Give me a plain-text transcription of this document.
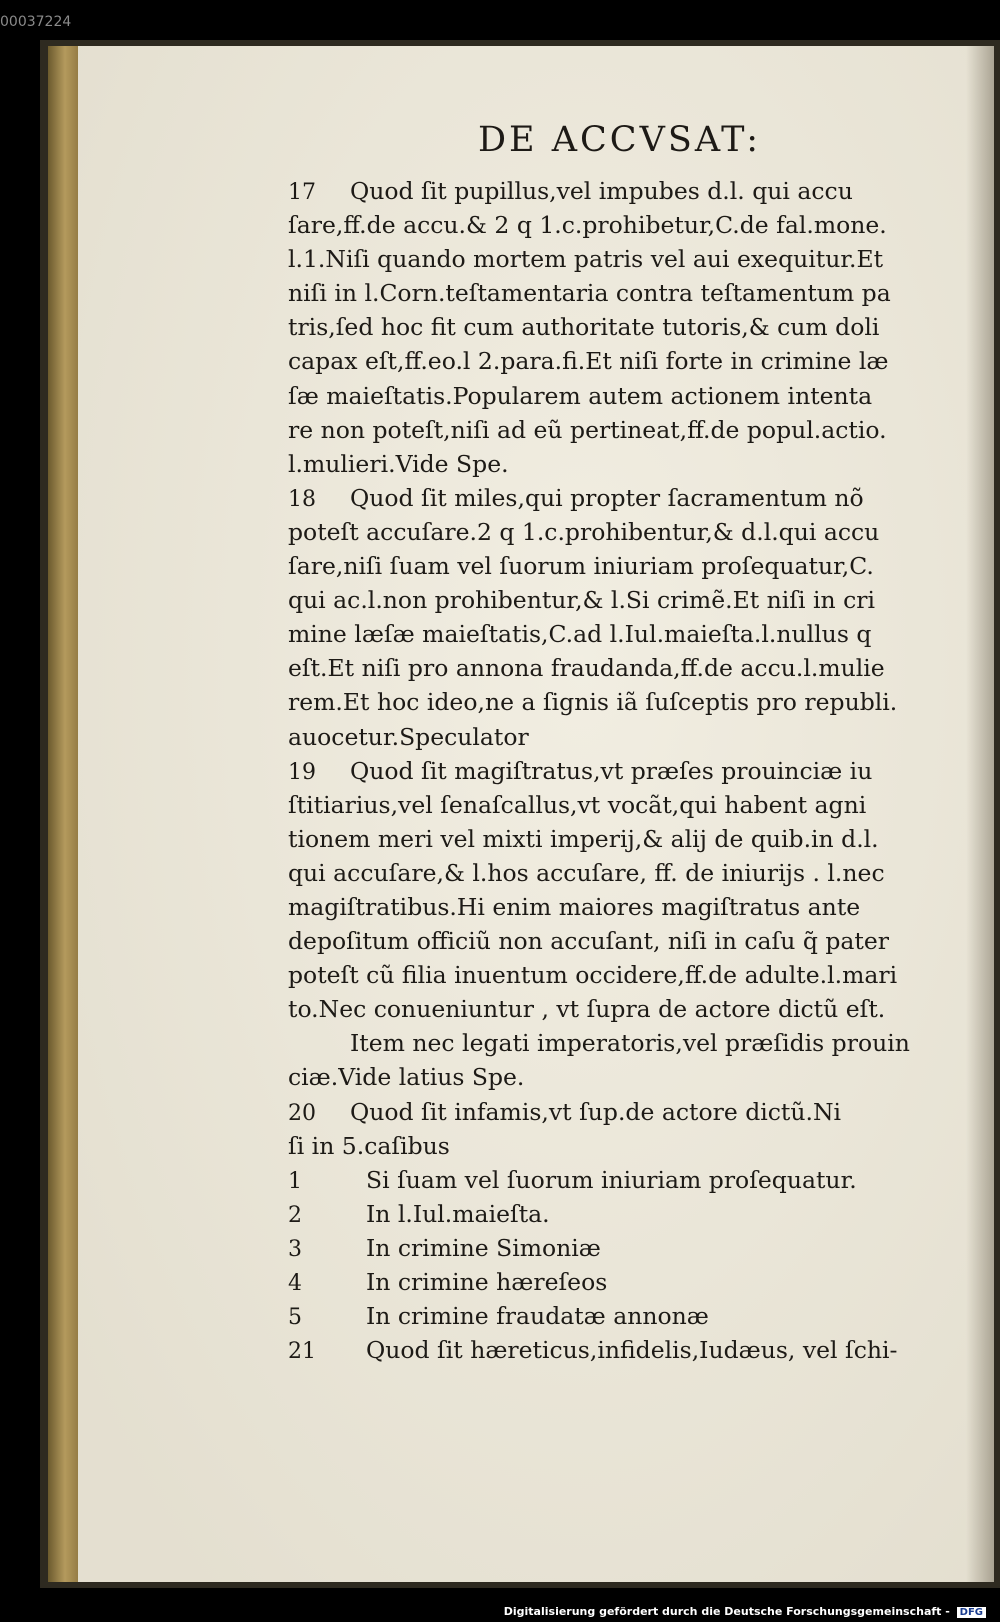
00037224
DE ACCVSAT:
17 Quod ſit pupillus,vel impubes d.l. qui accu
ſare,ff.de accu.& 2 q 1.c.prohibetur,C.de fal.mone.
l.1.Niſi quando mortem patris vel aui exequitur.Et
niſi in l.Corn.teſtamentaria contra teſtamentum pa
tris,ſed hoc fit cum authoritate tutoris,& cum doli
capax eſt,ff.eo.l 2.para.fi.Et niſi forte in crimine læ
ſæ maieſtatis.Popularem autem actionem intenta
re non poteſt,niſi ad eũ pertineat,ff.de popul.actio.
l.mulieri.Vide Spe.
18 Quod ſit miles,qui propter ſacramentum nõ
poteſt accuſare.2 q 1.c.prohibentur,& d.l.qui accu
ſare,niſi ſuam vel ſuorum iniuriam proſequatur,C.
qui ac.l.non prohibentur,& l.Si crimẽ.Et niſi in cri
mine læſæ maieſtatis,C.ad l.Iul.maieſta.l.nullus q
eſt.Et niſi pro annona fraudanda,ff.de accu.l.mulie
rem.Et hoc ideo,ne a ſignis iã ſuſceptis pro republi.
auocetur.Speculator
19 Quod ſit magiſtratus,vt præſes prouinciæ iu
ſtitiarius,vel ſenaſcallus,vt vocãt,qui habent agni
tionem meri vel mixti imperij,& alij de quib.in d.l.
qui accuſare,& l.hos accuſare, ff. de iniurijs . l.nec
magiſtratibus.Hi enim maiores magiſtratus ante
depoſitum officiũ non accuſant, niſi in caſu q̃ pater
poteſt cũ filia inuentum occidere,ff.de adulte.l.mari
to.Nec conueniuntur , vt ſupra de actore dictũ eſt.
Item nec legati imperatoris,vel præſidis prouin
ciæ.Vide latius Spe.
20 Quod ſit infamis,vt ſup.de actore dictũ.Ni
ſi in 5.caſibus
1	Si ſuam vel ſuorum iniuriam proſequatur.
2	In l.Iul.maieſta.
3	In crimine Simoniæ
4	In crimine hæreſeos
5	In crimine fraudatæ annonæ
21 Quod ſit hæreticus,infidelis,Iudæus, vel ſchi-
Digitalisierung gefördert durch die Deutsche Forschungsgemeinschaft - DFG
